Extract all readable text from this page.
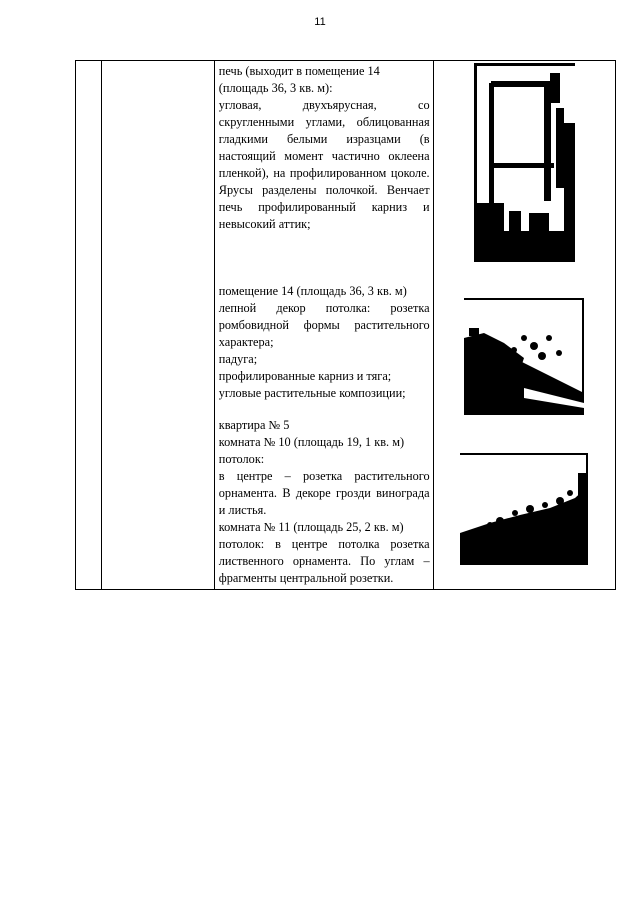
11

печь (выходит в помещение 14

(площадь 36, 3 кв. м):

угловая, двухъярусная, со скругленными углами, облицованная гладкими белыми изразцами (в настоящий момент частично оклеена пленкой), на профилированном цоколе. Ярусы разделены полочкой. Венчает печь профилированный карниз и невысокий аттик;

помещение 14 (площадь 36, 3 кв. м)

лепной декор потолка: розетка ромбовидной формы растительного характера;

падуга;

профилированные карниз и тяга;

угловые растительные композиции;

квартира № 5

комната № 10 (площадь 19, 1 кв. м)

потолок:

в центре – розетка растительного орнамента. В декоре грозди винограда и листья.

комната № 11 (площадь 25, 2 кв. м)

потолок: в центре потолка розетка лиственного орнамента. По углам – фрагменты центральной розетки.
